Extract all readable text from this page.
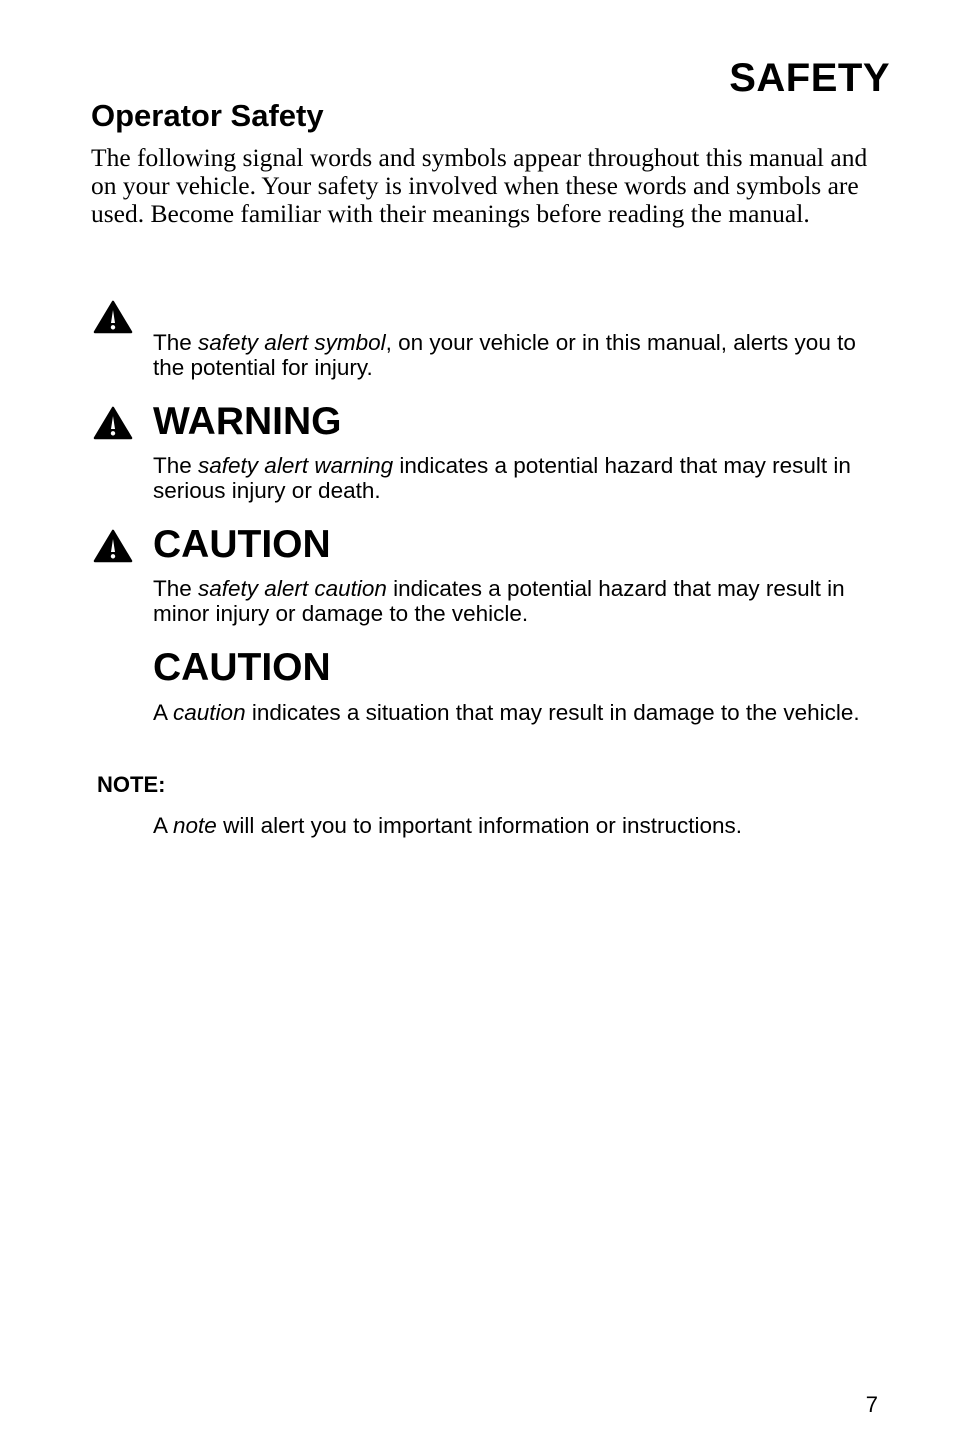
SAFETY
Operator Safety

The following signal words and symbols appear throughout this manual and on your vehicle. Your safety is involved when these words and symbols are used. Become familiar with their meanings before reading the manual.

The safety alert symbol, on your vehicle or in this manual, alerts you to the potential for injury.

WARNING

The safety alert warning indicates a potential hazard that may result in serious injury or death.

CAUTION

The safety alert caution indicates a potential hazard that may result in minor injury or damage to the vehicle.

CAUTION

A caution indicates a situation that may result in damage to the vehicle.

NOTE:

A note will alert you to important information or instructions.

7
